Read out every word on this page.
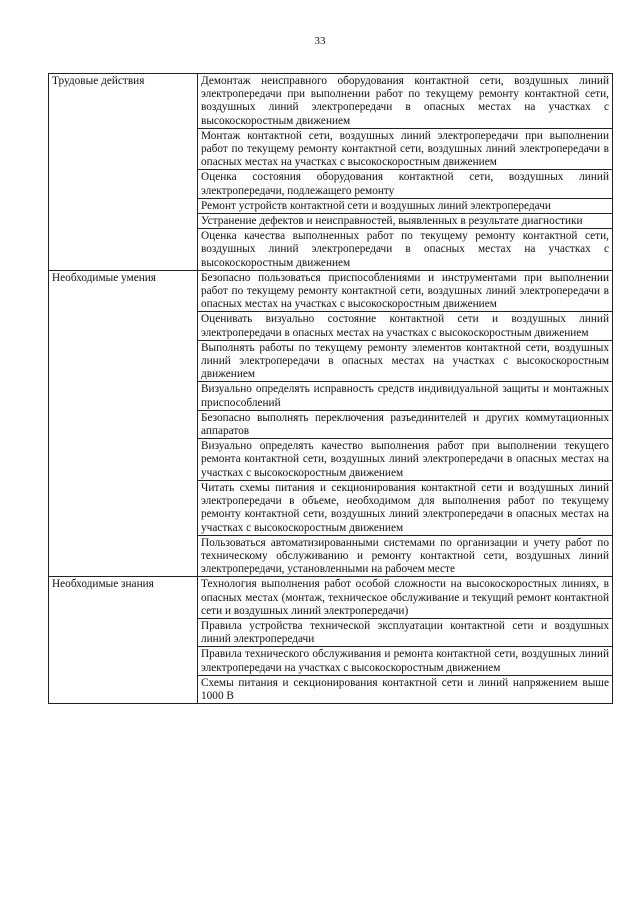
33
Трудовые действия	Демонтаж неисправного оборудования контактной сети, воздушных линий электропередачи при выполнении работ по текущему ремонту контактной сети, воздушных линий электропередачи в опасных местах на участках с высокоскоростным движением
	Монтаж контактной сети, воздушных линий электропередачи при выполнении работ по текущему ремонту контактной сети, воздушных линий электропередачи в опасных местах на участках с высокоскоростным движением
	Оценка состояния оборудования контактной сети, воздушных линий электропередачи, подлежащего ремонту
	Ремонт устройств контактной сети и воздушных линий электропередачи
	Устранение дефектов и неисправностей, выявленных в результате диагностики
	Оценка качества выполненных работ по текущему ремонту контактной сети, воздушных линий электропередачи в опасных местах на участках с высокоскоростным движением
Необходимые умения	Безопасно пользоваться приспособлениями и инструментами при выполнении работ по текущему ремонту контактной сети, воздушных линий электропередачи в опасных местах на участках с высокоскоростным движением
	Оценивать визуально состояние контактной сети и воздушных линий электропередачи в опасных местах на участках с высокоскоростным движением
	Выполнять работы по текущему ремонту элементов контактной сети, воздушных линий электропередачи в опасных местах на участках с высокоскоростным движением
	Визуально определять исправность средств индивидуальной защиты и монтажных приспособлений
	Безопасно выполнять переключения разъединителей и других коммутационных аппаратов
	Визуально определять качество выполнения работ при выполнении текущего ремонта контактной сети, воздушных линий электропередачи в опасных местах на участках с высокоскоростным движением
	Читать схемы питания и секционирования контактной сети и воздушных линий электропередачи в объеме, необходимом для выполнения работ по текущему ремонту контактной сети, воздушных линий электропередачи в опасных местах на участках с высокоскоростным движением
	Пользоваться автоматизированными системами по организации и учету работ по техническому обслуживанию и ремонту контактной сети, воздушных линий электропередачи, установленными на рабочем месте
Необходимые знания	Технология выполнения работ особой сложности на высокоскоростных линиях, в опасных местах (монтаж, техническое обслуживание и текущий ремонт контактной сети и воздушных линий электропередачи)
	Правила устройства технической эксплуатации контактной сети и воздушных линий электропередачи
	Правила технического обслуживания и ремонта контактной сети, воздушных линий электропередачи на участках с высокоскоростным движением
	Схемы питания и секционирования контактной сети и линий напряжением выше 1000 В
